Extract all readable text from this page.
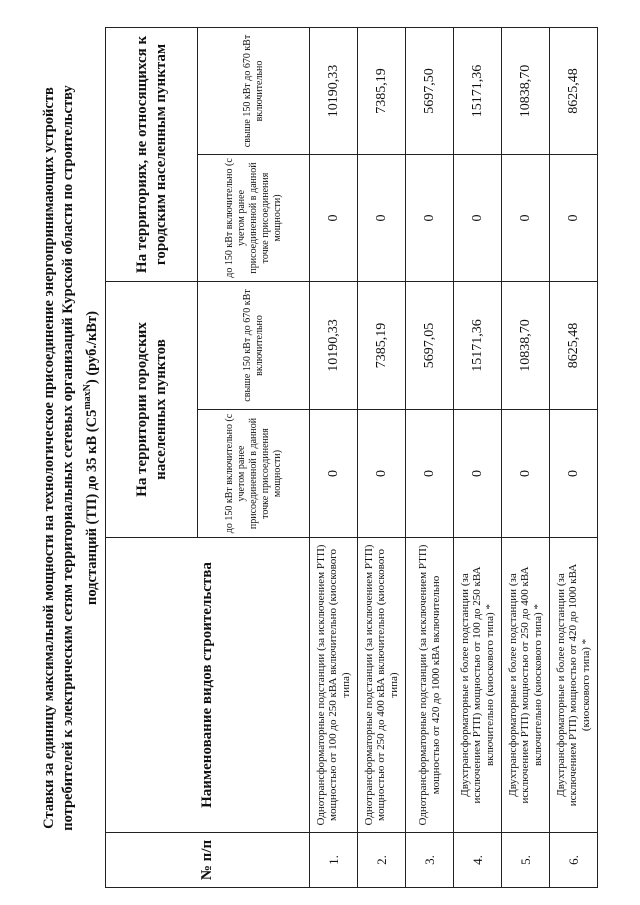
Ставки за единицу максимальной мощности на технологическое присоединение энергопринимающих устройств потребителей к электрическим сетям территориальных сетевых организаций Курской области по строительству подстанций (ТП) до 35 кВ $(C5^{maxN})$ (руб./кВт)
№ п/п	Наименование видов строительства	На территории городских населенных пунктов		На территориях, не относящихся к городским населенным пунктам	
		до 150 кВт включительно (с учетом ранее присоединенной в данной точке присоединения мощности)	свыше 150 кВт до 670 кВт включительно	до 150 кВт включительно (с учетом ранее присоединенной в данной точке присоединения мощности)	свыше 150 кВт до 670 кВт включительно
1.	Однотрансформаторные подстанции (за исключением РТП) мощностью от 100 до 250 кВА включительно (киоскового типа)	0	10190,33	0	10190,33
2.	Однотрансформаторные подстанции (за исключением РТП) мощностью от 250 до 400 кВА включительно (киоскового типа)	0	7385,19	0	7385,19
3.	Однотрансформаторные подстанции (за исключением РТП) мощностью от 420 до 1000 кВА включительно	0	5697,05	0	5697,50
4.	Двухтрансформаторные и более подстанции (за исключением РТП) мощностью от 100 до 250 кВА включительно (киоскового типа) *	0	15171,36	0	15171,36
5.	Двухтрансформаторные и более подстанции (за исключением РТП) мощностью от 250 до 400 кВА включительно (киоскового типа) *	0	10838,70	0	10838,70
6.	Двухтрансформаторные и более подстанции (за исключением РТП) мощностью от 420 до 1000 кВА (киоскового типа) *	0	8625,48	0	8625,48
